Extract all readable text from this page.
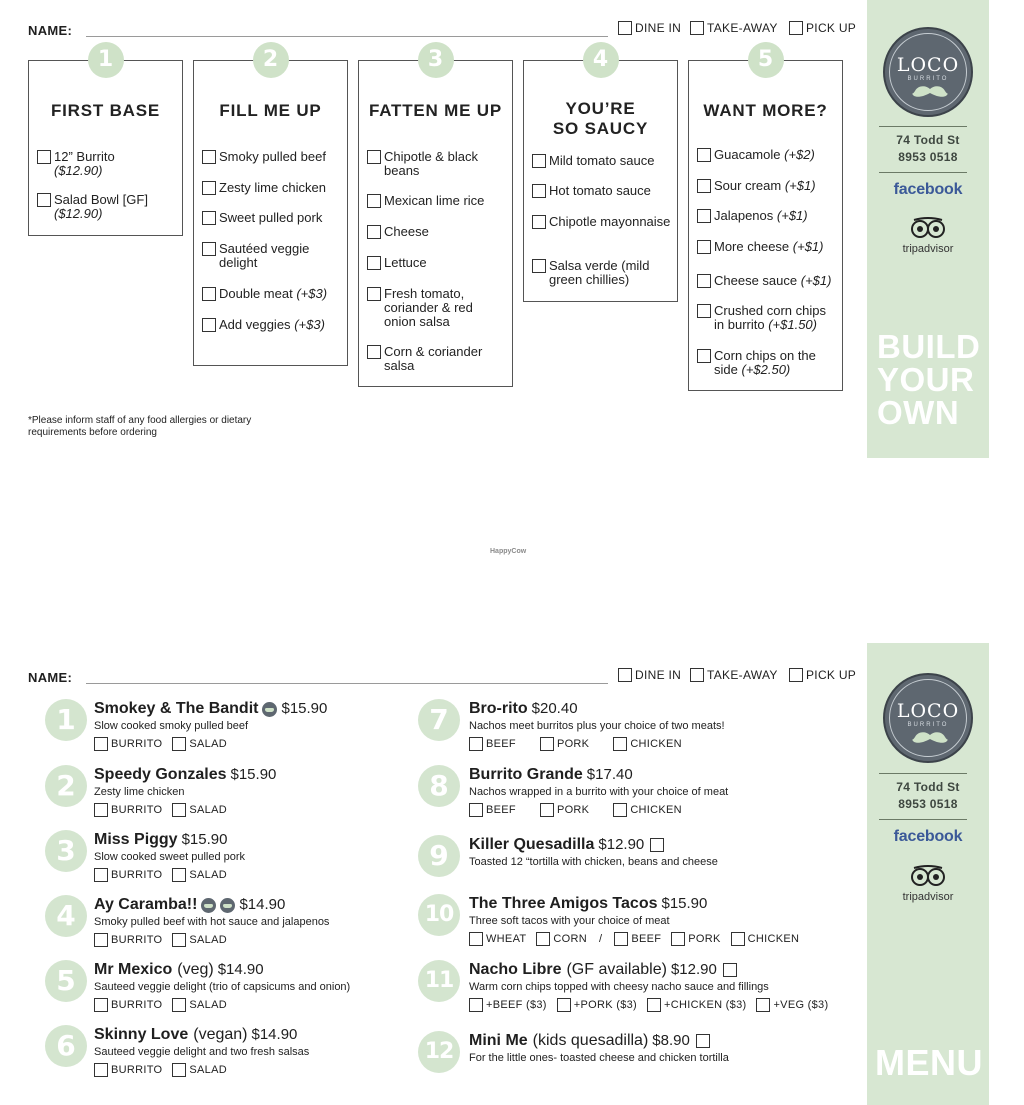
NAME:	DINE IN TAKE-AWAY PICK UP
FIRST BASE
12” Burrito
($12.90)
Salad Bowl [GF]
($12.90)
1
FILL ME UP
Smoky pulled beef
Zesty lime chicken
Sweet pulled pork
Sautéed veggie delight
Double meat (+$3)
Add veggies (+$3)
2
FATTEN ME UP
Chipotle & black beans
Mexican lime rice
Cheese
Lettuce
Fresh tomato, coriander & red onion salsa
Corn & coriander salsa
3
YOU’RE
SO SAUCY
Mild tomato sauce
Hot tomato sauce
Chipotle mayonnaise
Salsa verde (mild green chillies)
4
WANT MORE?
Guacamole (+$2)
Sour cream (+$1)
Jalapenos (+$1)
More cheese (+$1)
Cheese sauce (+$1)
Crushed corn chips in burrito (+$1.50)
Corn chips on the side (+$2.50)
5
*Please inform staff of any food allergies or dietary
requirements before ordering
LOCO
BURRITO
74 Todd St
8953 0518
facebook
tripadvisor
BUILD
YOUR
OWN
HappyCow
NAME:	DINE IN TAKE-AWAY PICK UP
1	Smokey & The Bandit $15.90
Slow cooked smoky pulled beef
BURRITO SALAD
2	Speedy Gonzales $15.90
Zesty lime chicken
BURRITO SALAD
3	Miss Piggy $15.90
Slow cooked sweet pulled pork
BURRITO SALAD
4	Ay Caramba!!	$14.90
Smoky pulled beef with hot sauce and jalapenos
BURRITO SALAD
5	Mr Mexico (veg) $14.90
Sauteed veggie delight (trio of capsicums and onion)
BURRITO SALAD
6	Skinny Love (vegan) $14.90
Sauteed veggie delight and two fresh salsas
BURRITO SALAD
7	Bro-rito $20.40
Nachos meet burritos plus your choice of two meats!
BEEF	PORK	CHICKEN
8	Burrito Grande $17.40
Nachos wrapped in a burrito with your choice of meat
BEEF	PORK	CHICKEN
9	Killer Quesadilla $12.90
Toasted 12 “tortilla with chicken, beans and cheese
10 The Three Amigos Tacos $15.90
Three soft tacos with your choice of meat
WHEAT CORN /	BEEF PORK CHICKEN
11 Nacho Libre (GF available) $12.90
Warm corn chips topped with cheesy nacho sauce and fillings
+BEEF ($3) +PORK ($3) +CHICKEN ($3) +VEG ($3)
12 Mini Me (kids quesadilla) $8.90
For the little ones- toasted cheese and chicken tortilla
LOCO
BURRITO
74 Todd St
8953 0518
facebook
tripadvisor
MENU
